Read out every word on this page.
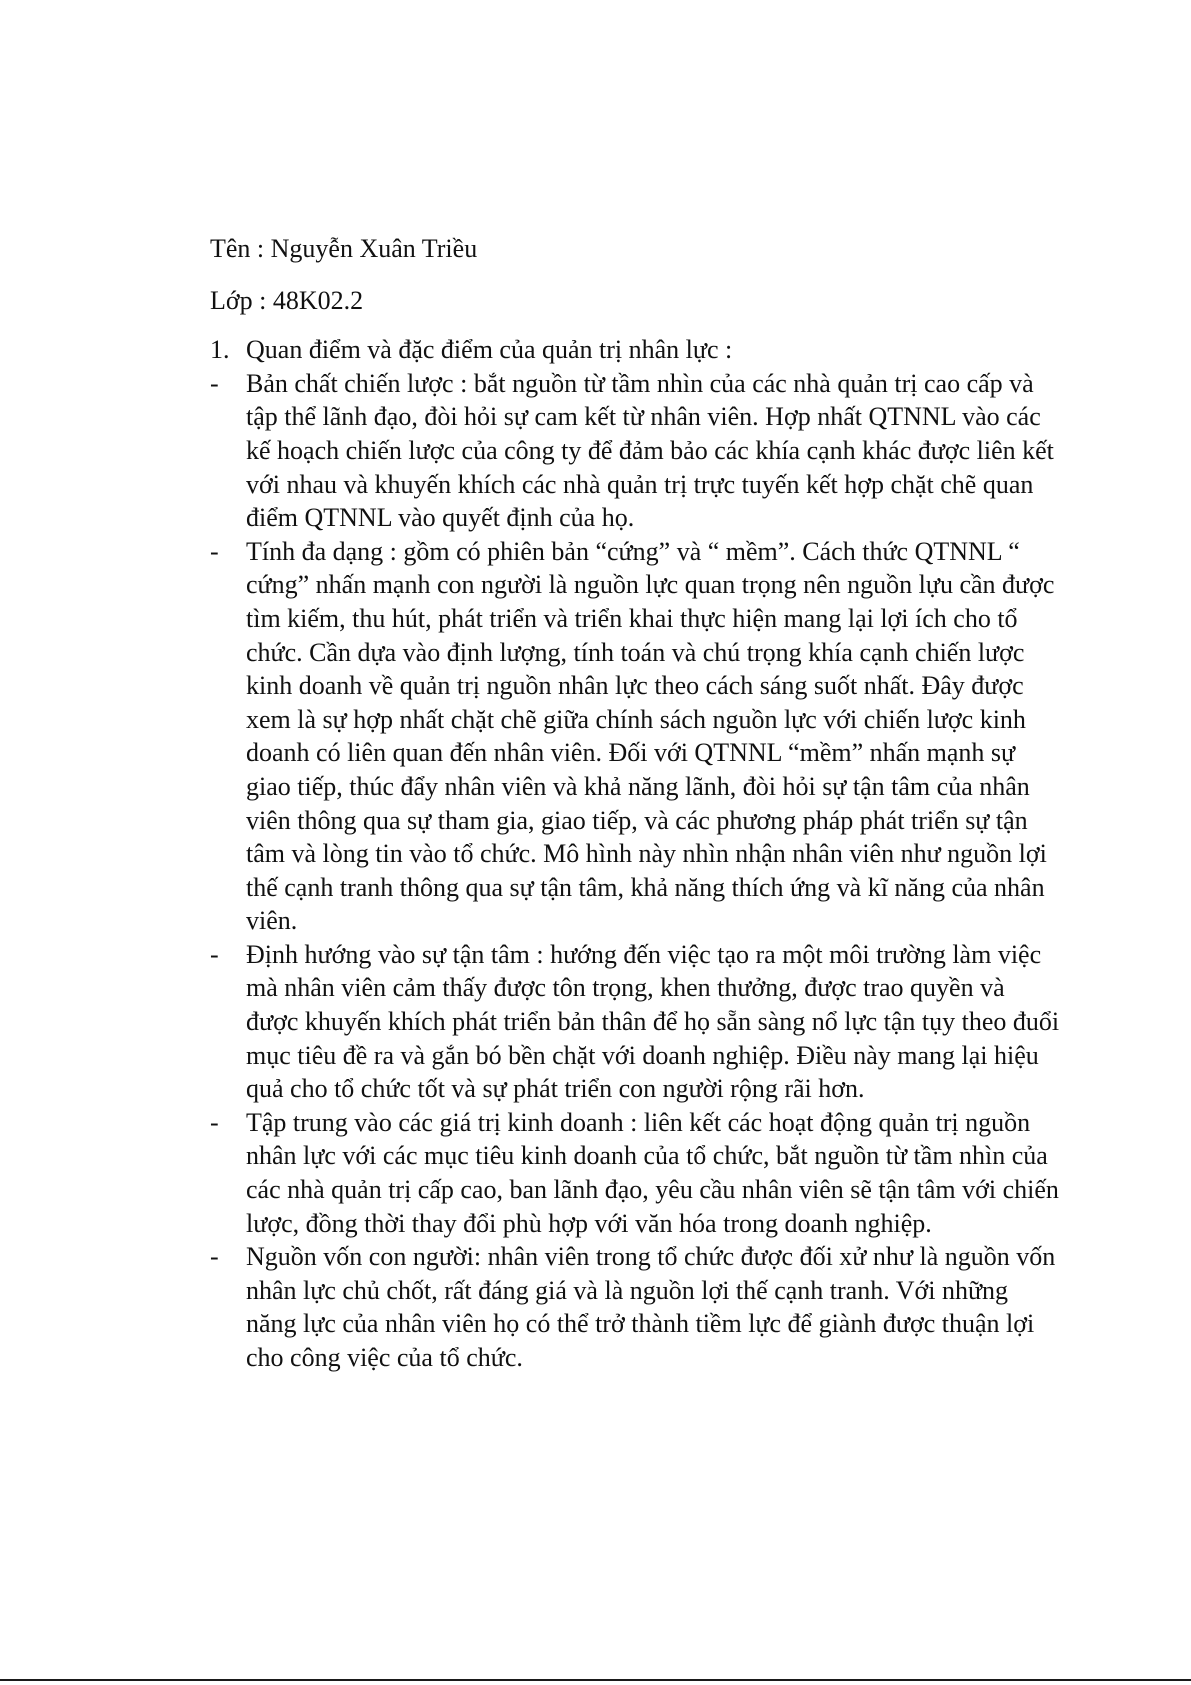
Tên : Nguyễn Xuân Triều

Lớp : 48K02.2

1. Quan điểm và đặc điểm của quản trị nhân lực :
-	Bản chất chiến lược : bắt nguồn từ tầm nhìn của các nhà quản trị cao cấp và tập thể lãnh đạo, đòi hỏi sự cam kết từ nhân viên. Hợp nhất QTNNL vào các kế hoạch chiến lược của công ty để đảm bảo các khía cạnh khác được liên kết với nhau và khuyến khích các nhà quản trị trực tuyến kết hợp chặt chẽ quan điểm QTNNL vào quyết định của họ.
-	Tính đa dạng : gồm có phiên bản “cứng” và “ mềm”. Cách thức QTNNL “ cứng” nhấn mạnh con người là nguồn lực quan trọng nên nguồn lựu cần được tìm kiếm, thu hút, phát triển và triển khai thực hiện mang lại lợi ích cho tổ chức. Cần dựa vào định lượng, tính toán và chú trọng khía cạnh chiến lược kinh doanh về quản trị nguồn nhân lực theo cách sáng suốt nhất. Đây được xem là sự hợp nhất chặt chẽ giữa chính sách nguồn lực với chiến lược kinh doanh có liên quan đến nhân viên. Đối với QTNNL “mềm” nhấn mạnh sự giao tiếp, thúc đẩy nhân viên và khả năng lãnh, đòi hỏi sự tận tâm của nhân viên thông qua sự tham gia, giao tiếp, và các phương pháp phát triển sự tận tâm và lòng tin vào tổ chức. Mô hình này nhìn nhận nhân viên như nguồn lợi thế cạnh tranh thông qua sự tận tâm, khả năng thích ứng và kĩ năng của nhân viên.
-	Định hướng vào sự tận tâm : hướng đến việc tạo ra một môi trường làm việc mà nhân viên cảm thấy được tôn trọng, khen thưởng, được trao quyền và được khuyến khích phát triển bản thân để họ sẵn sàng nổ lực tận tụy theo đuổi mục tiêu đề ra và gắn bó bền chặt với doanh nghiệp. Điều này mang lại hiệu quả cho tổ chức tốt và sự phát triển con người rộng rãi hơn.
-	Tập trung vào các giá trị kinh doanh : liên kết các hoạt động quản trị nguồn nhân lực với các mục tiêu kinh doanh của tổ chức, bắt nguồn từ tầm nhìn của các nhà quản trị cấp cao, ban lãnh đạo, yêu cầu nhân viên sẽ tận tâm với chiến lược, đồng thời thay đổi phù hợp với văn hóa trong doanh nghiệp.
-	Nguồn vốn con người: nhân viên trong tổ chức được đối xử như là nguồn vốn nhân lực chủ chốt, rất đáng giá và là nguồn lợi thế cạnh tranh. Với những năng lực của nhân viên họ có thể trở thành tiềm lực để giành được thuận lợi cho công việc của tổ chức.
